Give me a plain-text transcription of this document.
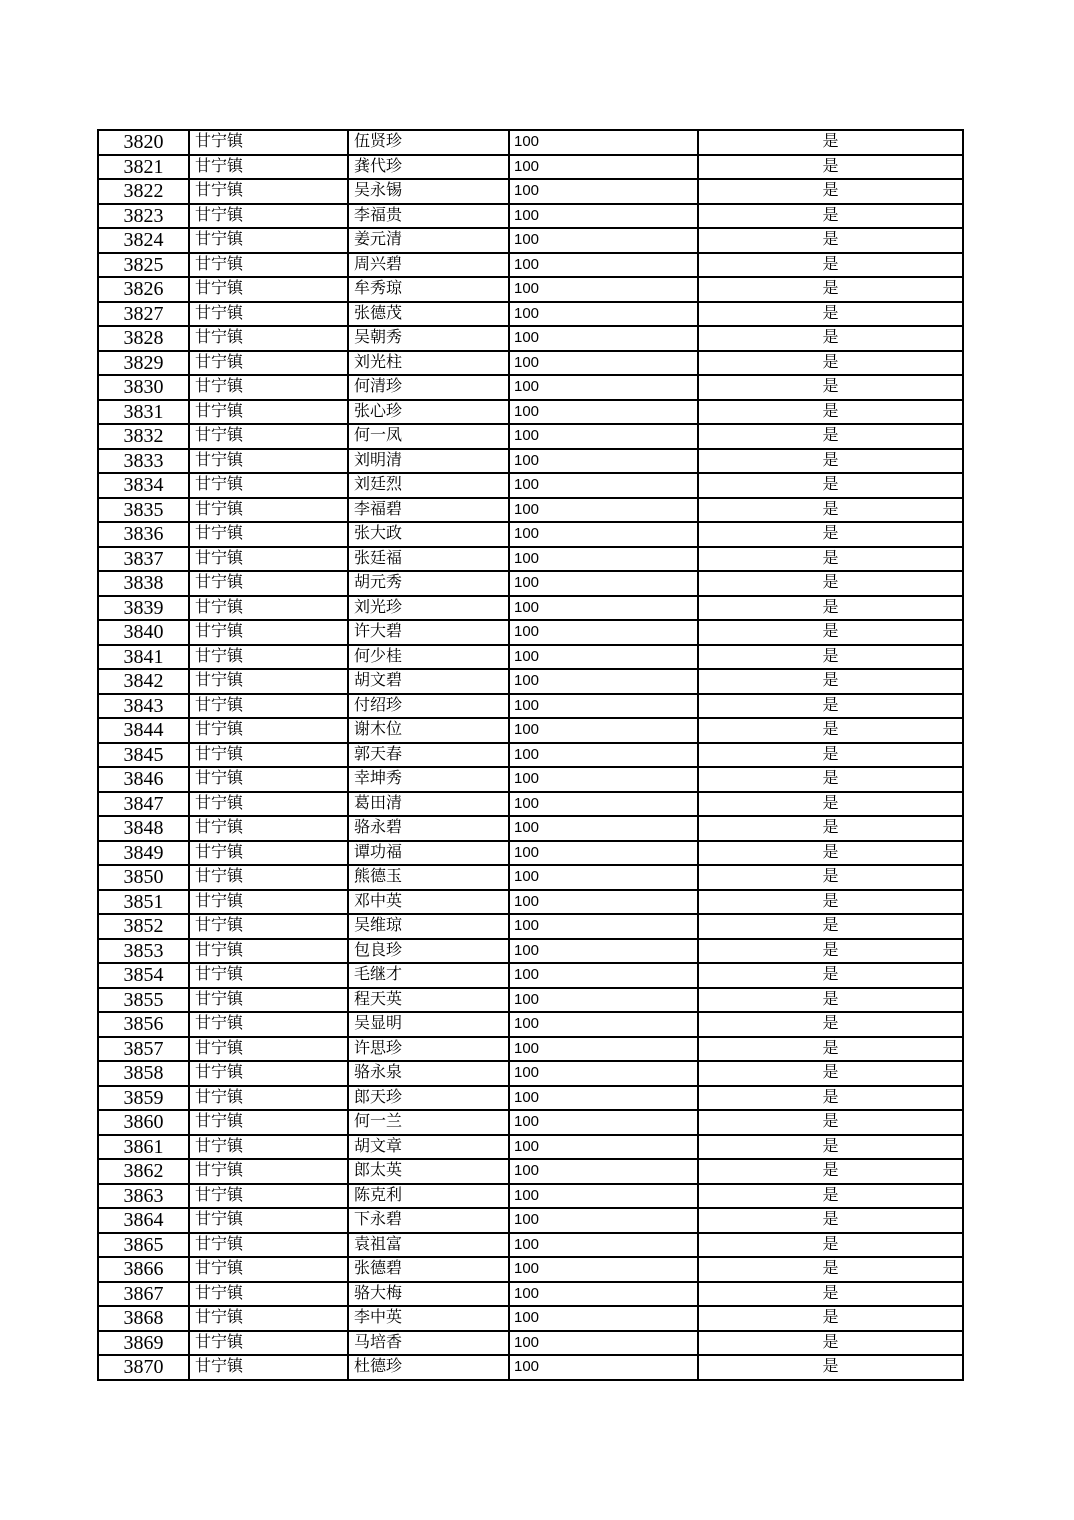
3820	甘宁镇	伍贤珍	100	是
3821	甘宁镇	龚代珍	100	是
3822	甘宁镇	吴永锡	100	是
3823	甘宁镇	李福贵	100	是
3824	甘宁镇	姜元清	100	是
3825	甘宁镇	周兴碧	100	是
3826	甘宁镇	牟秀琼	100	是
3827	甘宁镇	张德茂	100	是
3828	甘宁镇	吴朝秀	100	是
3829	甘宁镇	刘光柱	100	是
3830	甘宁镇	何清珍	100	是
3831	甘宁镇	张心珍	100	是
3832	甘宁镇	何一凤	100	是
3833	甘宁镇	刘明清	100	是
3834	甘宁镇	刘廷烈	100	是
3835	甘宁镇	李福碧	100	是
3836	甘宁镇	张大政	100	是
3837	甘宁镇	张廷福	100	是
3838	甘宁镇	胡元秀	100	是
3839	甘宁镇	刘光珍	100	是
3840	甘宁镇	许大碧	100	是
3841	甘宁镇	何少桂	100	是
3842	甘宁镇	胡文碧	100	是
3843	甘宁镇	付绍珍	100	是
3844	甘宁镇	谢木位	100	是
3845	甘宁镇	郭天春	100	是
3846	甘宁镇	幸坤秀	100	是
3847	甘宁镇	葛田清	100	是
3848	甘宁镇	骆永碧	100	是
3849	甘宁镇	谭功福	100	是
3850	甘宁镇	熊德玉	100	是
3851	甘宁镇	邓中英	100	是
3852	甘宁镇	吴维琼	100	是
3853	甘宁镇	包良珍	100	是
3854	甘宁镇	毛继才	100	是
3855	甘宁镇	程天英	100	是
3856	甘宁镇	吴显明	100	是
3857	甘宁镇	许思珍	100	是
3858	甘宁镇	骆永泉	100	是
3859	甘宁镇	郎天珍	100	是
3860	甘宁镇	何一兰	100	是
3861	甘宁镇	胡文章	100	是
3862	甘宁镇	郎太英	100	是
3863	甘宁镇	陈克利	100	是
3864	甘宁镇	下永碧	100	是
3865	甘宁镇	袁祖富	100	是
3866	甘宁镇	张德碧	100	是
3867	甘宁镇	骆大梅	100	是
3868	甘宁镇	李中英	100	是
3869	甘宁镇	马培香	100	是
3870	甘宁镇	杜德珍	100	是
